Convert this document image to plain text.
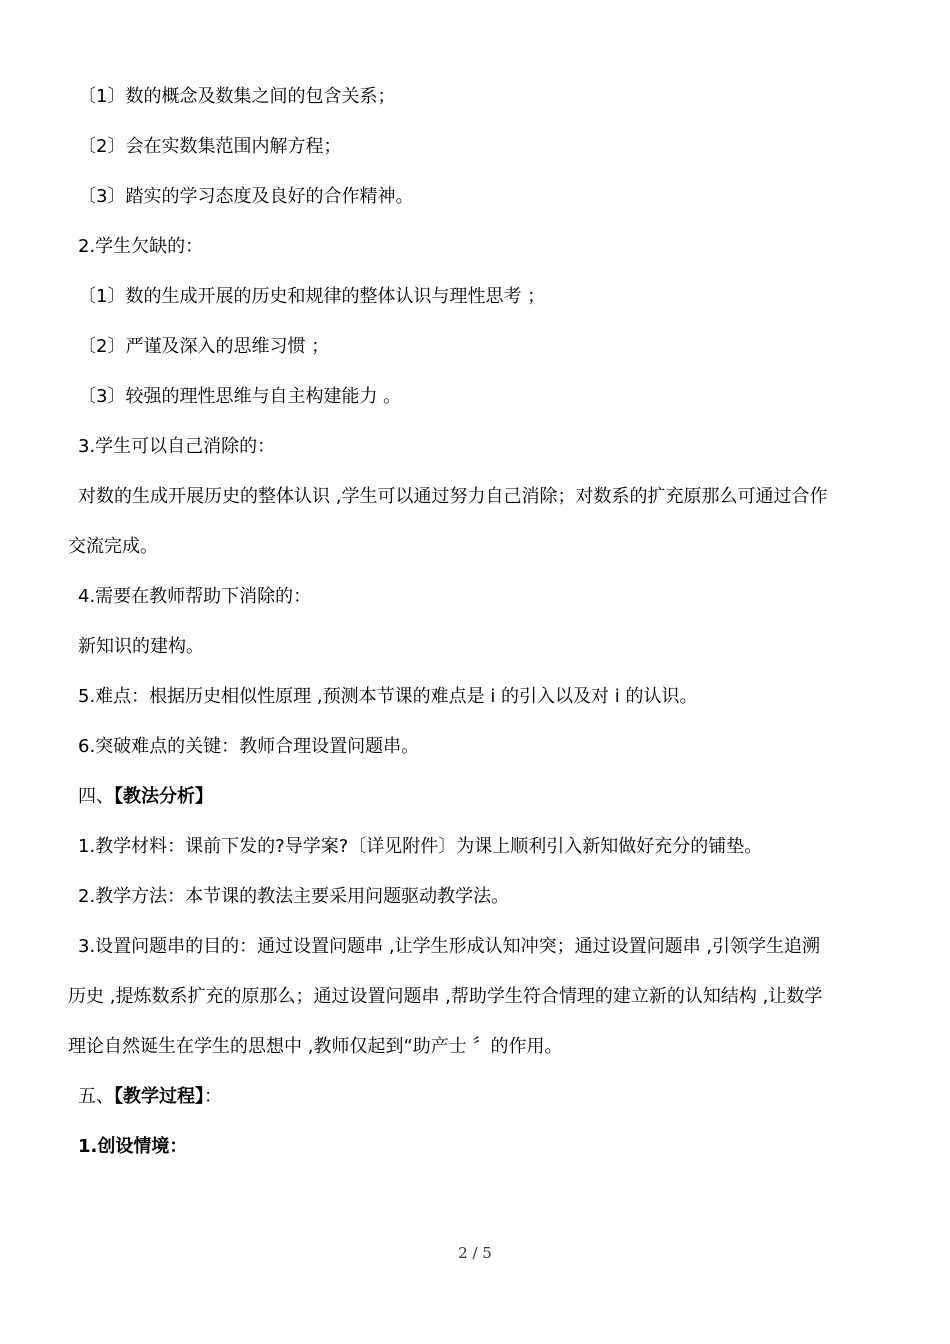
〔1〕数的概念及数集之间的包含关系；
〔2〕会在实数集范围内解方程；
〔3〕踏实的学习态度及良好的合作精神。
2.学生欠缺的：
〔1〕数的生成开展的历史和规律的整体认识与理性思考 ；
〔2〕严谨及深入的思维习惯 ；
〔3〕较强的理性思维与自主构建能力 。
3.学生可以自己消除的：
对数的生成开展历史的整体认识 ,学生可以通过努力自己消除；对数系的扩充原那么可通过合作
交流完成。
4.需要在教师帮助下消除的：
新知识的建构。
5.难点：根据历史相似性原理 ,预测本节课的难点是 i 的引入以及对 i 的认识。
6.突破难点的关键：教师合理设置问题串。
四、【教法分析】
1.教学材料：课前下发的?导学案?〔详见附件〕为课上顺利引入新知做好充分的铺垫。
2.教学方法：本节课的教法主要采用问题驱动教学法。
3.设置问题串的目的：通过设置问题串 ,让学生形成认知冲突；通过设置问题串 ,引领学生追溯
历史 ,提炼数系扩充的原那么；通过设置问题串 ,帮助学生符合情理的建立新的认知结构 ,让数学
理论自然诞生在学生的思想中 ,教师仅起到“助产士 〞的作用。
五、【教学过程】：
1.创设情境：
2 / 5
